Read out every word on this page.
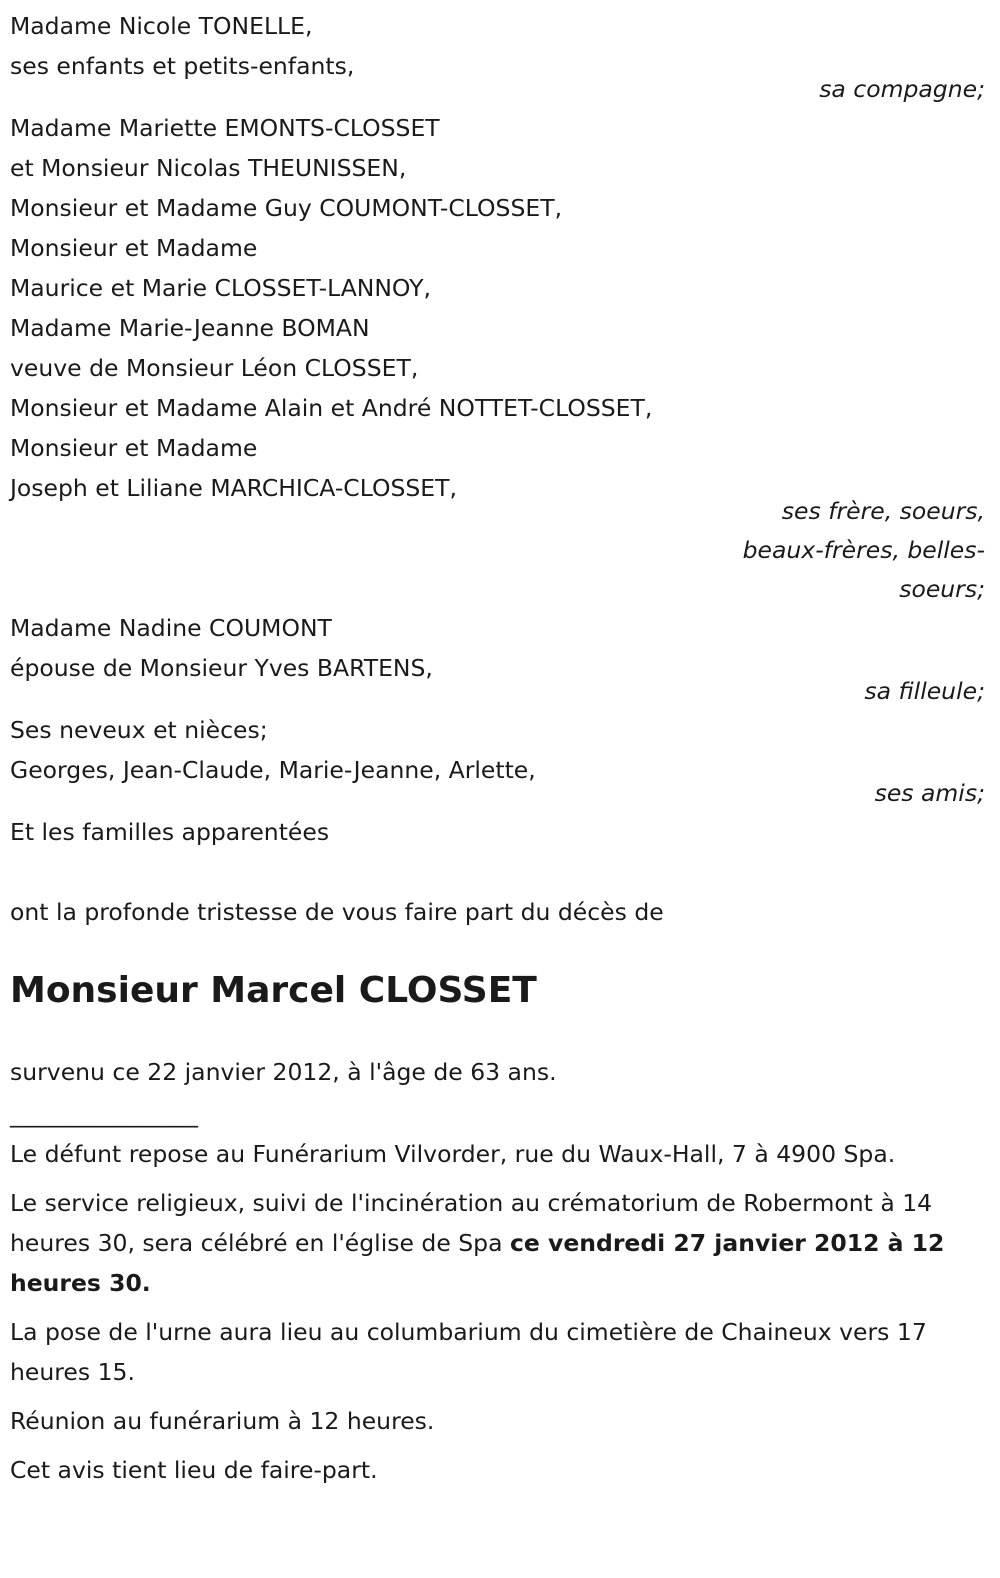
Madame Nicole TONELLE,
ses enfants et petits-enfants,
sa compagne;
Madame Mariette EMONTS-CLOSSET
et Monsieur Nicolas THEUNISSEN,
Monsieur et Madame Guy COUMONT-CLOSSET,
Monsieur et Madame
Maurice et Marie CLOSSET-LANNOY,
Madame Marie-Jeanne BOMAN
veuve de Monsieur Léon CLOSSET,
Monsieur et Madame Alain et André NOTTET-CLOSSET,
Monsieur et Madame
Joseph et Liliane MARCHICA-CLOSSET,
ses frère, soeurs,
beaux-frères, belles-
soeurs;
Madame Nadine COUMONT
épouse de Monsieur Yves BARTENS,
sa filleule;
Ses neveux et nièces;
Georges, Jean-Claude, Marie-Jeanne, Arlette,
ses amis;
Et les familles apparentées
ont la profonde tristesse de vous faire part du décès de
Monsieur Marcel CLOSSET
survenu ce 22 janvier 2012, à l'âge de 63 ans.
________________
Le défunt repose au Funérarium Vilvorder, rue du Waux-Hall, 7 à 4900 Spa.
Le service religieux, suivi de l'incinération au crématorium de Robermont à 14 heures 30, sera célébré en l'église de Spa ce vendredi 27 janvier 2012 à 12 heures 30.
La pose de l'urne aura lieu au columbarium du cimetière de Chaineux vers 17 heures 15.
Réunion au funérarium à 12 heures.
Cet avis tient lieu de faire-part.
